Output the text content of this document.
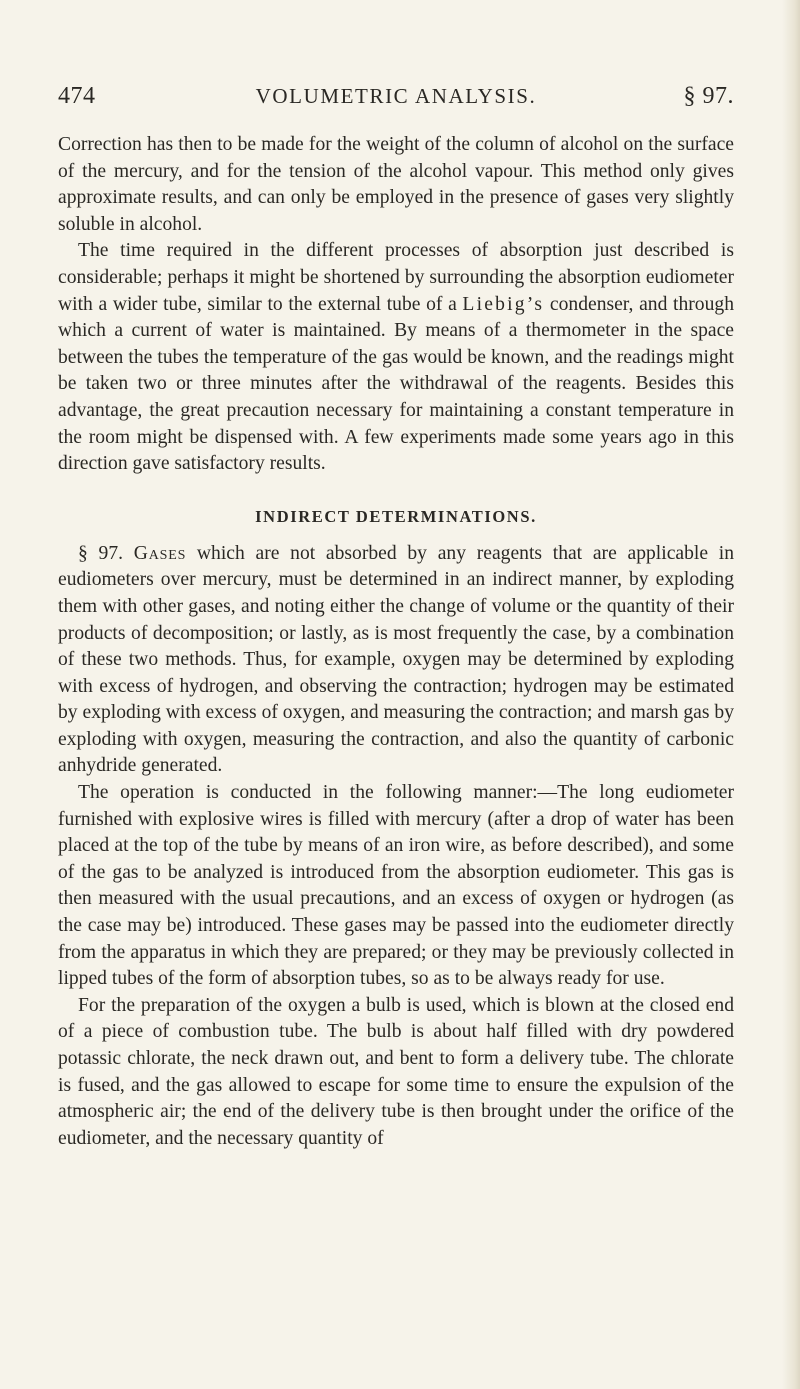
474	VOLUMETRIC ANALYSIS.	§ 97.

Correction has then to be made for the weight of the column of alcohol on the surface of the mercury, and for the tension of the alcohol vapour. This method only gives approximate results, and can only be employed in the presence of gases very slightly soluble in alcohol.

The time required in the different processes of absorption just described is considerable; perhaps it might be shortened by surrounding the absorption eudiometer with a wider tube, similar to the external tube of a Liebig’s condenser, and through which a current of water is maintained. By means of a thermometer in the space between the tubes the temperature of the gas would be known, and the readings might be taken two or three minutes after the withdrawal of the reagents. Besides this advantage, the great precaution necessary for maintaining a constant temperature in the room might be dispensed with. A few experiments made some years ago in this direction gave satisfactory results.

INDIRECT DETERMINATIONS.

§ 97. Gases which are not absorbed by any reagents that are applicable in eudiometers over mercury, must be determined in an indirect manner, by exploding them with other gases, and noting either the change of volume or the quantity of their products of decomposition; or lastly, as is most frequently the case, by a combination of these two methods. Thus, for example, oxygen may be determined by exploding with excess of hydrogen, and observing the contraction; hydrogen may be estimated by exploding with excess of oxygen, and measuring the contraction; and marsh gas by exploding with oxygen, measuring the contraction, and also the quantity of carbonic anhydride generated.

The operation is conducted in the following manner:—The long eudiometer furnished with explosive wires is filled with mercury (after a drop of water has been placed at the top of the tube by means of an iron wire, as before described), and some of the gas to be analyzed is introduced from the absorption eudiometer. This gas is then measured with the usual precautions, and an excess of oxygen or hydrogen (as the case may be) introduced. These gases may be passed into the eudiometer directly from the apparatus in which they are prepared; or they may be previously collected in lipped tubes of the form of absorption tubes, so as to be always ready for use.

For the preparation of the oxygen a bulb is used, which is blown at the closed end of a piece of combustion tube. The bulb is about half filled with dry powdered potassic chlorate, the neck drawn out, and bent to form a delivery tube. The chlorate is fused, and the gas allowed to escape for some time to ensure the expulsion of the atmospheric air; the end of the delivery tube is then brought under the orifice of the eudiometer, and the necessary quantity of
